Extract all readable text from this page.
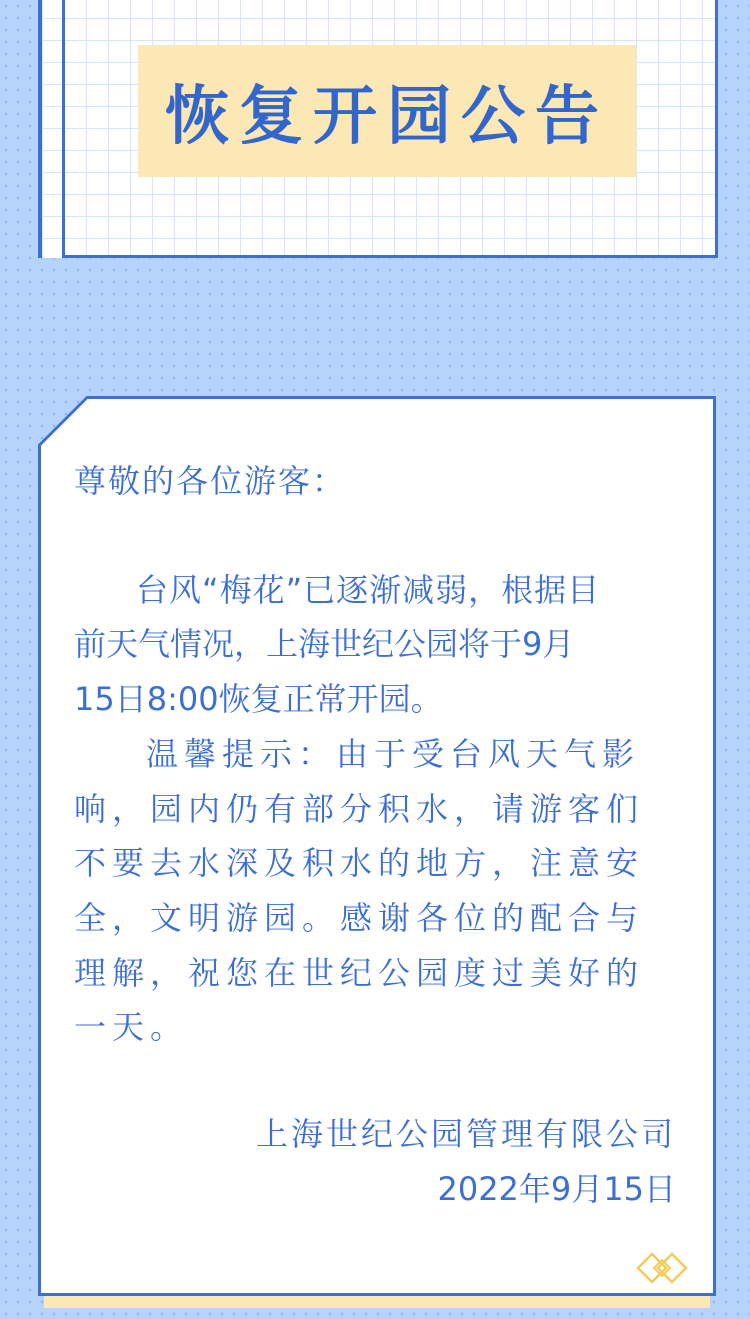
恢复开园公告
尊敬的各位游客：
台风“梅花”已逐渐减弱，根据目
前天气情况，上海世纪公园将于9月
15日8:00恢复正常开园。
温馨提示：由于受台风天气影
响，园内仍有部分积水，请游客们
不要去水深及积水的地方，注意安
全，文明游园。感谢各位的配合与
理解，祝您在世纪公园度过美好的
一天。
上海世纪公园管理有限公司
2022年9月15日
